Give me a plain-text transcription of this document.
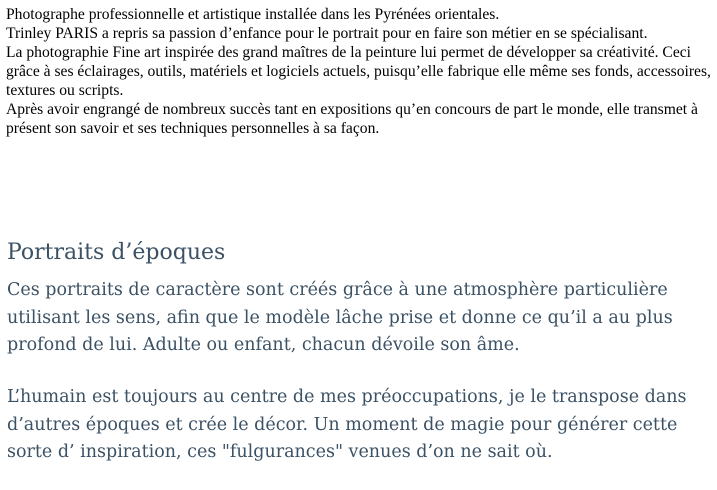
Photographe professionnelle et artistique installée dans les Pyrénées orientales.

Trinley PARIS a repris sa passion d’enfance pour le portrait pour en faire son métier en se spécialisant.

La photographie Fine art inspirée des grand maîtres de la peinture lui permet de développer sa créativité. Ceci grâce à ses éclairages, outils, matériels et logiciels actuels, puisqu’elle fabrique elle même ses fonds, accessoires, textures ou scripts.

Après avoir engrangé de nombreux succès tant en expositions qu’en concours de part le monde, elle transmet à présent son savoir et ses techniques personnelles à sa façon.

Portraits d’époques

Ces portraits de caractère sont créés grâce à une atmosphère particulière utilisant les sens, afin que le modèle lâche prise et donne ce qu’il a au plus profond de lui. Adulte ou enfant, chacun dévoile son âme.

L’humain est toujours au centre de mes préoccupations, je le transpose dans d’autres époques et crée le décor. Un moment de magie pour générer cette sorte d’ inspiration, ces "fulgurances" venues d’on ne sait où.
